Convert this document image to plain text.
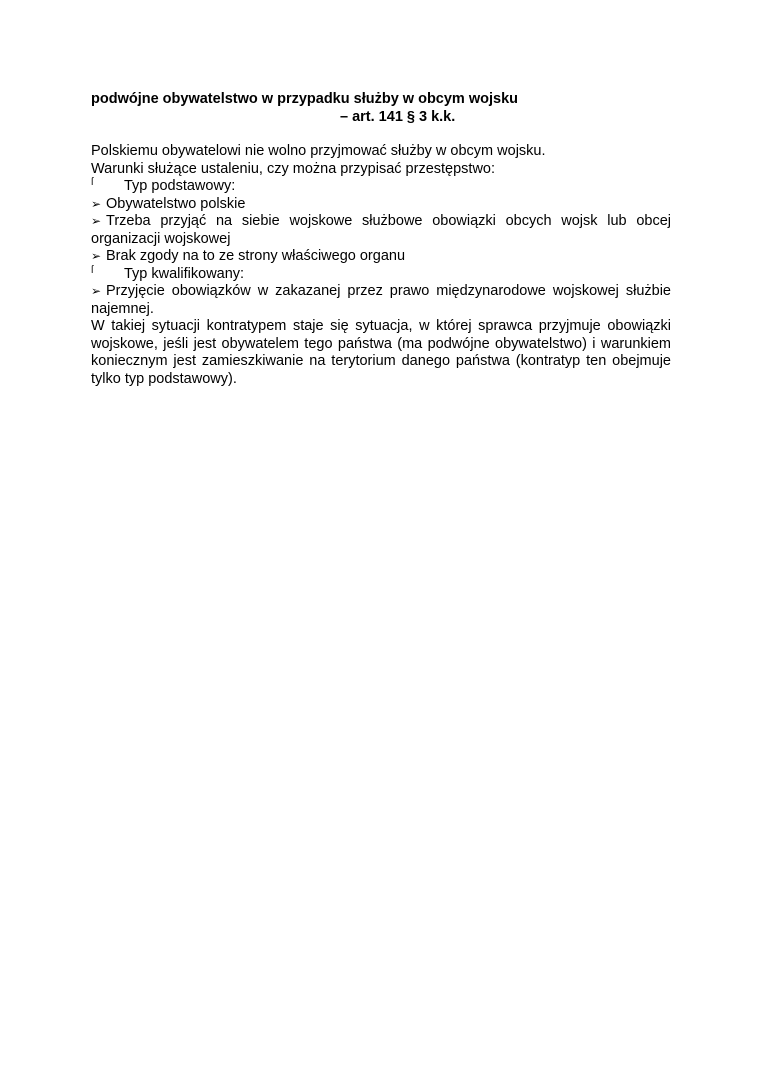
podwójne obywatelstwo w przypadku służby w obcym wojsku

– art. 141 § 3 k.k.

Polskiemu obywatelowi nie wolno przyjmować służby w obcym wojsku.

Warunki służące ustaleniu, czy można przypisać przestępstwo:

ſ Typ podstawowy:

➢ Obywatelstwo polskie

➢ Trzeba przyjąć na siebie wojskowe służbowe obowiązki obcych wojsk lub obcej organizacji wojskowej

➢ Brak zgody na to ze strony właściwego organu

ſ Typ kwalifikowany:

➢ Przyjęcie obowiązków w zakazanej przez prawo międzynarodowe wojskowej służbie najemnej.

W takiej sytuacji kontratypem staje się sytuacja, w której sprawca przyjmuje obowiązki wojskowe, jeśli jest obywatelem tego państwa (ma podwójne obywatelstwo) i warunkiem koniecznym jest zamieszkiwanie na terytorium danego państwa (kontratyp ten obejmuje tylko typ podstawowy).
